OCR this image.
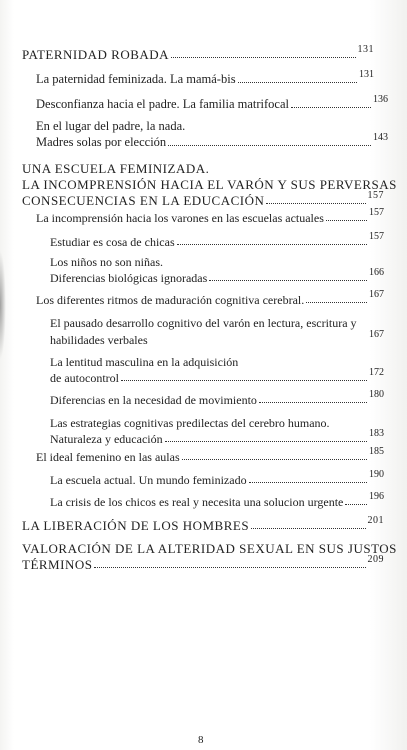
PATERNIDAD ROBADA	131
La paternidad feminizada. La mamá-bis	131
Desconfianza hacia el padre. La familia matrifocal	136
En el lugar del padre, la nada.
Madres solas por elección	143
UNA ESCUELA FEMINIZADA.
LA INCOMPRENSIÓN HACIA EL VARÓN Y SUS PERVERSAS
CONSECUENCIAS EN LA EDUCACIÓN	157
La incomprensión hacia los varones en las escuelas actuales	157
Estudiar es cosa de chicas	157
Los niños no son niñas.
Diferencias biológicas ignoradas	166
Los diferentes ritmos de maduración cognitiva cerebral.	167
El pausado desarrollo cognitivo del varón en lectura, escritura y
habilidades verbales	167
La lentitud masculina en la adquisición
de autocontrol	172
Diferencias en la necesidad de movimiento	180
Las estrategias cognitivas predilectas del cerebro humano.
Naturaleza y educación	183
El ideal femenino en las aulas	185
La escuela actual. Un mundo feminizado	190
La crisis de los chicos es real y necesita una solucion urgente	196
LA LIBERACIÓN DE LOS HOMBRES	201
VALORACIÓN DE LA ALTERIDAD SEXUAL EN SUS JUSTOS
TÉRMINOS	209
8
